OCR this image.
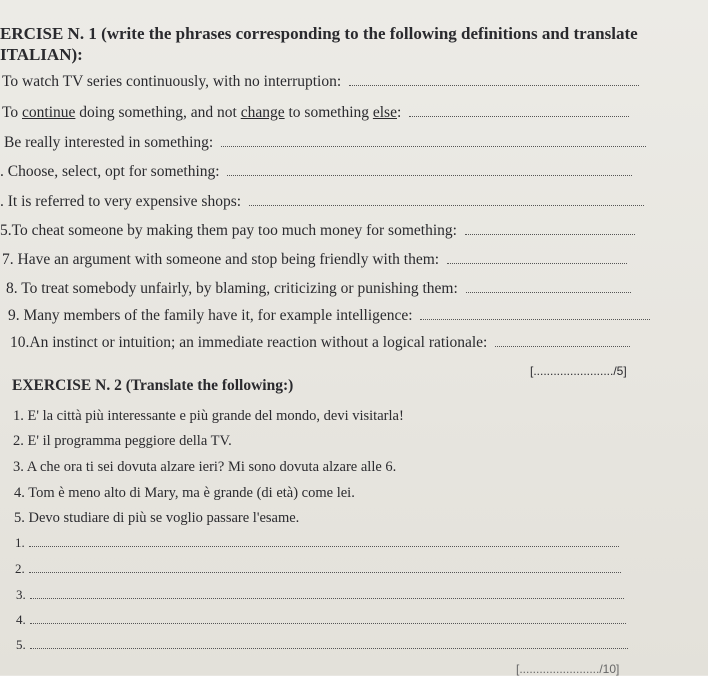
ERCISE N. 1 (write the phrases corresponding to the following definitions and translate
ITALIAN):
To watch TV series continuously, with no interruption:
To continue doing something, and not change to something else:
Be really interested in something:
. Choose, select, opt for something:
. It is referred to very expensive shops:
5.To cheat someone by making them pay too much money for something:
7. Have an argument with someone and stop being friendly with them:
8. To treat somebody unfairly, by blaming, criticizing or punishing them:
9. Many members of the family have it, for example intelligence:
10.An instinct or intuition; an immediate reaction without a logical rationale:
[......................../5]
EXERCISE N. 2 (Translate the following:)
1. E' la città più interessante e più grande del mondo, devi visitarla!
2. E' il programma peggiore della TV.
3. A che ora ti sei dovuta alzare ieri? Mi sono dovuta alzare alle 6.
4. Tom è meno alto di Mary, ma è grande (di età) come lei.
5. Devo studiare di più se voglio passare l'esame.
1.
2.
3.
4.
5.
[......................../10]
